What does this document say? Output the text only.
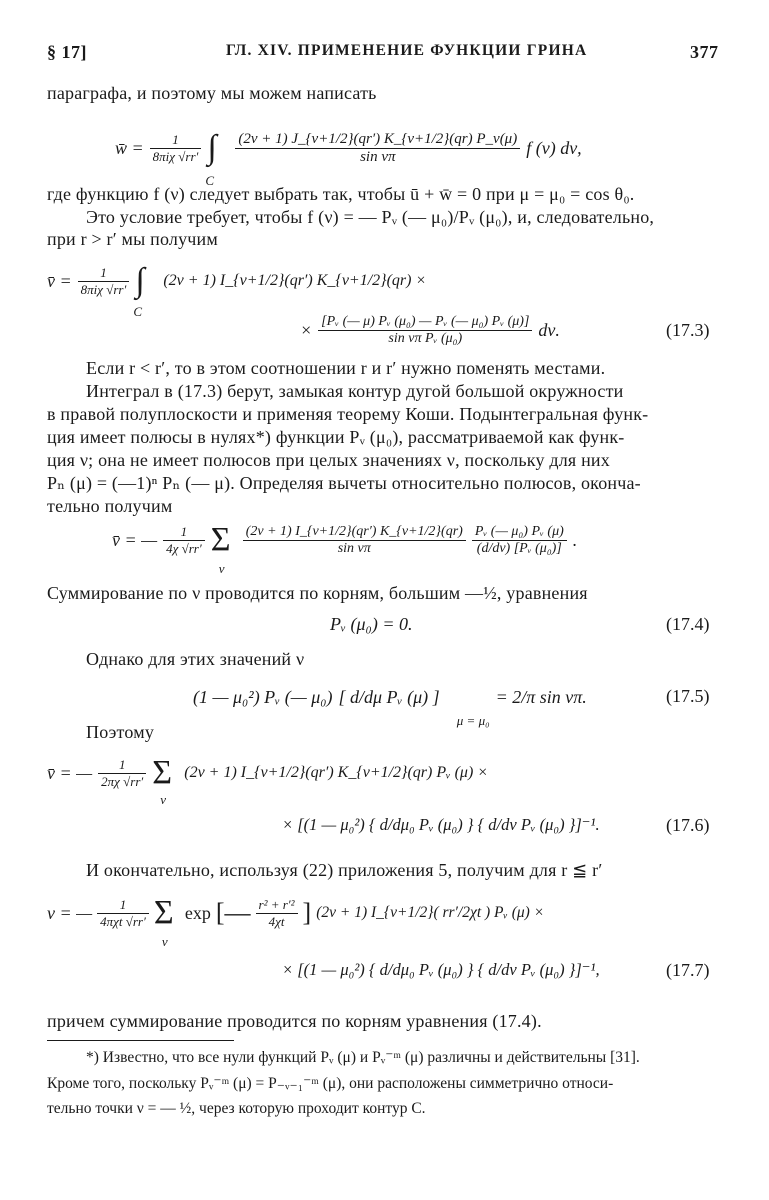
§ 17]	ГЛ. XIV. ПРИМЕНЕНИЕ ФУНКЦИИ ГРИНА	377
параграфа, и поэтому мы можем написать
w̄ = $\frac{1}{\text{8πiχ √rr′}}$ ∫
C
$\frac{(2\nu + 1) J\_\{\nu+1/2\}(qr') K\_\{\nu+1/2\}(qr) P\_\nu(\mu)}{\text{sin νπ}}$ f (ν) dν,
где функцию f (ν) следует выбрать так, чтобы ū + w̄ = 0 при μ = μ₀ = cos θ₀.
Это условие требует, чтобы f (ν) = — Pᵥ (— μ₀)/Pᵥ (μ₀), и, следовательно,
при r > r′ мы получим
v̄ = $\frac{1}{\text{8πiχ √rr′}}$ ∫
C
(2ν + 1) I_{ν+1/2}(qr′) K_{ν+1/2}(qr) ×
× $\frac{\text{[Pᵥ (— μ) Pᵥ (μ₀) — Pᵥ (— μ₀) Pᵥ (μ)]}}{\text{sin νπ Pᵥ (μ₀)}} d\nu$.	(17.3)
Если r < r′, то в этом соотношении r и r′ нужно поменять местами.
Интеграл в (17.3) берут, замыкая контур дугой большой окружности
в правой полуплоскости и применяя теорему Коши. Подынтегральная функ-
ция имеет полюсы в нулях*) функции Pᵥ (μ₀), рассматриваемой как функ-
ция ν; она не имеет полюсов при целых значениях ν, поскольку для них
Pₙ (μ) = (—1)ⁿ Pₙ (— μ). Определяя вычеты относительно полюсов, оконча-
тельно получим
v̄ = — $\frac{1}{4\chi √rr'}$ Σ
ν
$\frac{(2\nu + 1) I\_\{\nu+1/2\}(qr') K\_\{\nu+1/2\}(qr)}{\text{sin νπ}} \frac{\text{Pᵥ (— μ₀) Pᵥ (μ)}}{\text{(d/dν) [Pᵥ (μ₀)]}}$ .
Суммирование по ν проводится по корням, большим —½, уравнения
Pᵥ (μ₀) = 0.	(17.4)
Однако для этих значений ν
(1 — μ₀²) Pᵥ (— μ₀) [ d/dμ Pᵥ (μ) ]
μ = μ₀
= 2/π sin νπ.	(17.5)
Поэтому
v̄ = — $\frac{1}{2\pi\chi √rr'}$ Σ
ν
(2ν + 1) I_{ν+1/2}(qr′) K_{ν+1/2}(qr) Pᵥ (μ) ×
× [(1 — μ₀²) { d/dμ₀ Pᵥ (μ₀) } { d/dν Pᵥ (μ₀) }]⁻¹.	(17.6)
И окончательно, используя (22) приложения 5, получим для r ≦ r′
v = — $\frac{1}{\text{4πχt √rr′}}$ Σ
ν
exp [— $\frac{\text{r² + r′²}}{4\chi t}$ ] (2ν + 1) I_{ν+1/2}( rr′/2χt ) Pᵥ (μ) ×
× [(1 — μ₀²) { d/dμ₀ Pᵥ (μ₀) } { d/dν Pᵥ (μ₀) }]⁻¹,	(17.7)
причем суммирование проводится по корням уравнения (17.4).
*) Известно, что все нули функций Pᵥ (μ) и Pᵥ⁻ᵐ (μ) различны и действительны [31].
Кроме того, поскольку Pᵥ⁻ᵐ (μ) = P₋ᵥ₋₁⁻ᵐ (μ), они расположены симметрично относи-
тельно точки ν = — ½, через которую проходит контур C.
